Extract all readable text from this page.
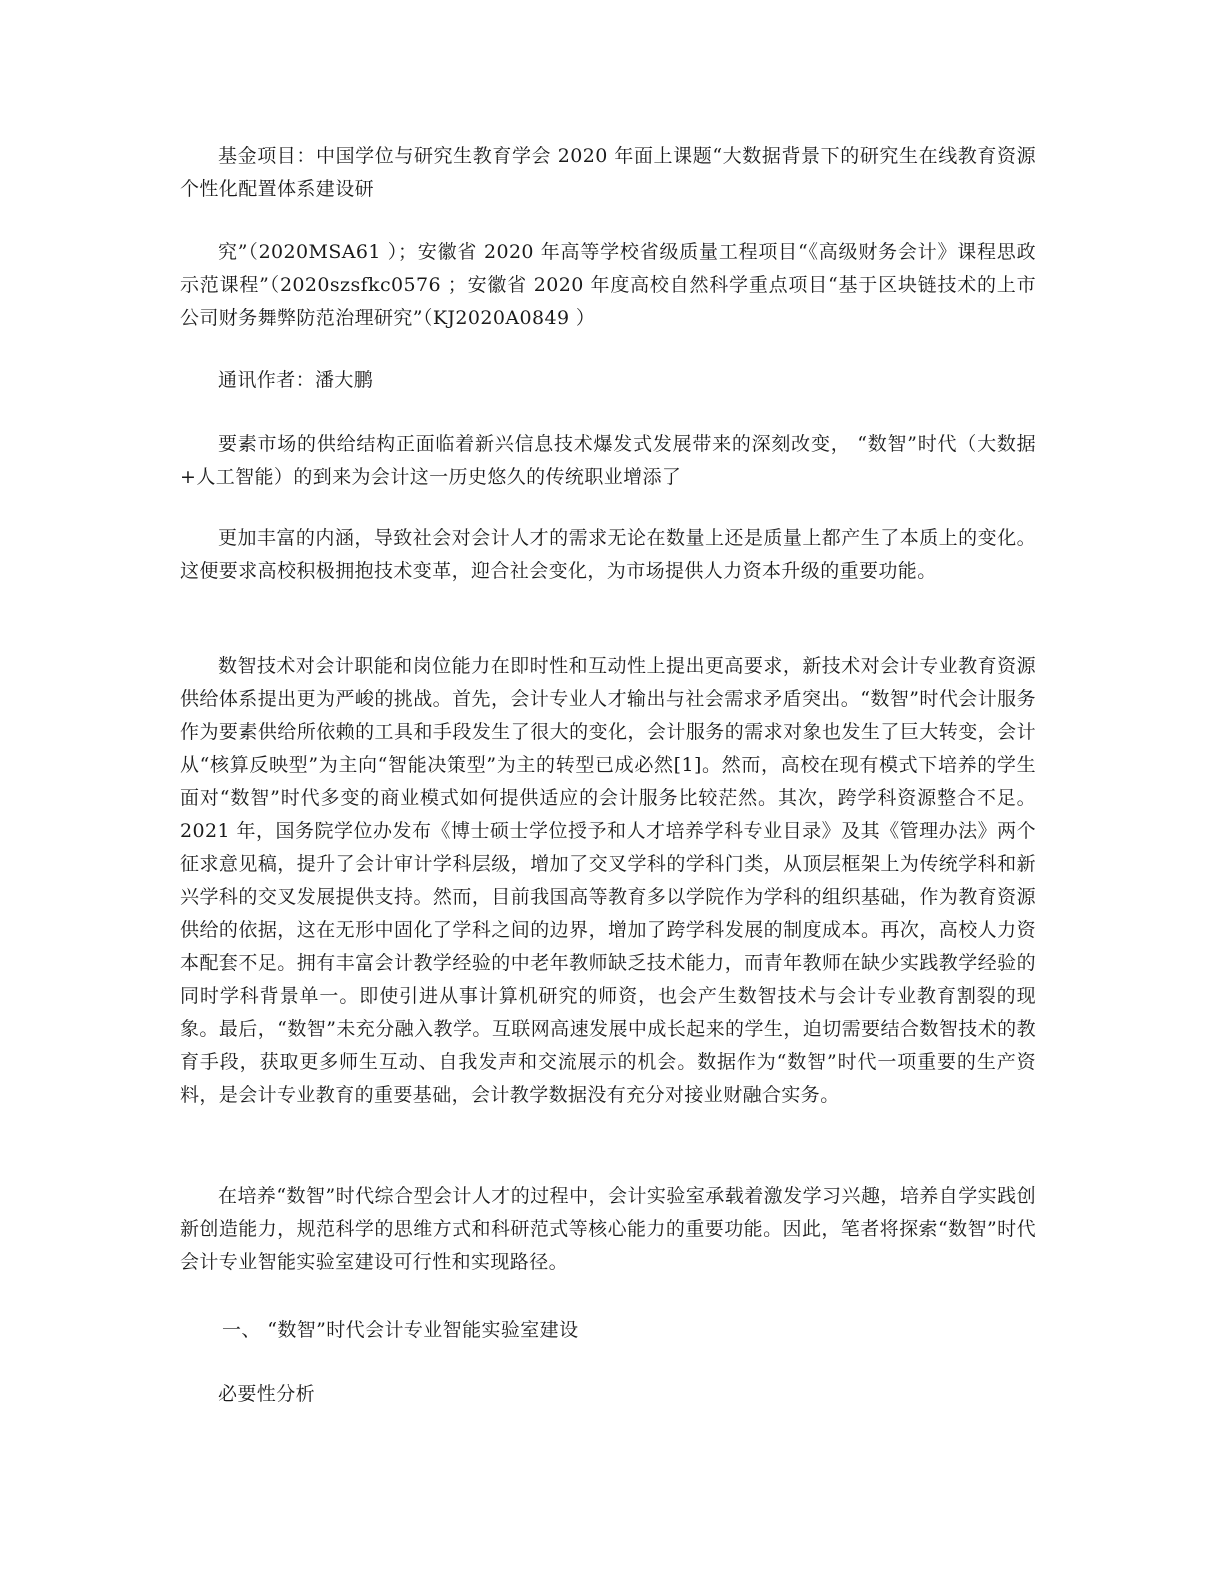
基金项目：中国学位与研究生教育学会 2020 年面上课题“大数据背景下的研究生在线教育资源个性化配置体系建设研

究”（2020MSA61 ）；安徽省 2020 年高等学校省级质量工程项目“《高级财务会计》课程思政示范课程”（2020szsfkc0576 ；安徽省 2020 年度高校自然科学重点项目“基于区块链技术的上市公司财务舞弊防范治理研究”（KJ2020A0849 ）

通讯作者：潘大鹏

要素市场的供给结构正面临着新兴信息技术爆发式发展带来的深刻改变， “数智”时代（大数据+人工智能）的到来为会计这一历史悠久的传统职业增添了

更加丰富的内涵，导致社会对会计人才的需求无论在数量上还是质量上都产生了本质上的变化。这便要求高校积极拥抱技术变革，迎合社会变化，为市场提供人力资本升级的重要功能。

数智技术对会计职能和岗位能力在即时性和互动性上提出更高要求，新技术对会计专业教育资源供给体系提出更为严峻的挑战。首先，会计专业人才输出与社会需求矛盾突出。“数智”时代会计服务作为要素供给所依赖的工具和手段发生了很大的变化，会计服务的需求对象也发生了巨大转变，会计从“核算反映型”为主向“智能决策型”为主的转型已成必然[1]。然而，高校在现有模式下培养的学生面对“数智”时代多变的商业模式如何提供适应的会计服务比较茫然。其次，跨学科资源整合不足。2021 年，国务院学位办发布《博士硕士学位授予和人才培养学科专业目录》及其《管理办法》两个征求意见稿，提升了会计审计学科层级，增加了交叉学科的学科门类，从顶层框架上为传统学科和新兴学科的交叉发展提供支持。然而，目前我国高等教育多以学院作为学科的组织基础，作为教育资源供给的依据，这在无形中固化了学科之间的边界，增加了跨学科发展的制度成本。再次，高校人力资本配套不足。拥有丰富会计教学经验的中老年教师缺乏技术能力，而青年教师在缺少实践教学经验的同时学科背景单一。即使引进从事计算机研究的师资，也会产生数智技术与会计专业教育割裂的现象。最后，“数智”未充分融入教学。互联网高速发展中成长起来的学生，迫切需要结合数智技术的教育手段，获取更多师生互动、自我发声和交流展示的机会。数据作为“数智”时代一项重要的生产资料，是会计专业教育的重要基础，会计教学数据没有充分对接业财融合实务。

在培养“数智”时代综合型会计人才的过程中，会计实验室承载着激发学习兴趣，培养自学实践创新创造能力，规范科学的思维方式和科研范式等核心能力的重要功能。因此，笔者将探索“数智”时代会计专业智能实验室建设可行性和实现路径。

一、 “数智”时代会计专业智能实验室建设

必要性分析
